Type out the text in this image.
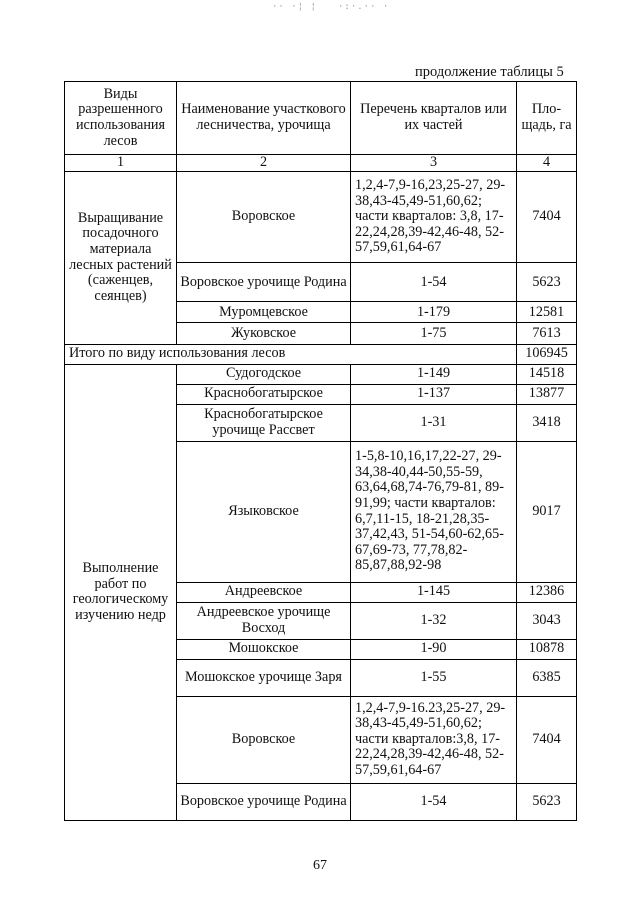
·· ·¦ ¦ ·:·.·· ·
продолжение таблицы 5
Виды разрешенного использования лесов	Наименование участкового лесничества, урочища	Перечень кварталов или их частей	Пло-щадь, га
1	2	3	4
Выращивание посадочного материала лесных растений (саженцев, сеянцев)	Воровское	1,2,4-7,9-16,23,25-27, 29-38,43-45,49-51,60,62; части кварталов: 3,8, 17-22,24,28,39-42,46-48, 52-57,59,61,64-67	7404
	Воровское урочище Родина	1-54	5623
	Муромцевское	1-179	12581
	Жуковское	1-75	7613
Итого по виду использования лесов			106945
Выполнение работ по геологическому изучению недр	Судогодское	1-149	14518
	Краснобогатырское	1-137	13877
	Краснобогатырское урочище Рассвет	1-31	3418
	Языковское	1-5,8-10,16,17,22-27, 29-34,38-40,44-50,55-59, 63,64,68,74-76,79-81, 89-91,99; части кварталов: 6,7,11-15, 18-21,28,35-37,42,43, 51-54,60-62,65-67,69-73, 77,78,82-85,87,88,92-98	9017
	Андреевское	1-145	12386
	Андреевское урочище Восход	1-32	3043
	Мошокское	1-90	10878
	Мошокское урочище Заря	1-55	6385
	Воровское	1,2,4-7,9-16.23,25-27, 29-38,43-45,49-51,60,62; части кварталов:3,8, 17-22,24,28,39-42,46-48, 52-57,59,61,64-67	7404
	Воровское урочище Родина	1-54	5623
67
